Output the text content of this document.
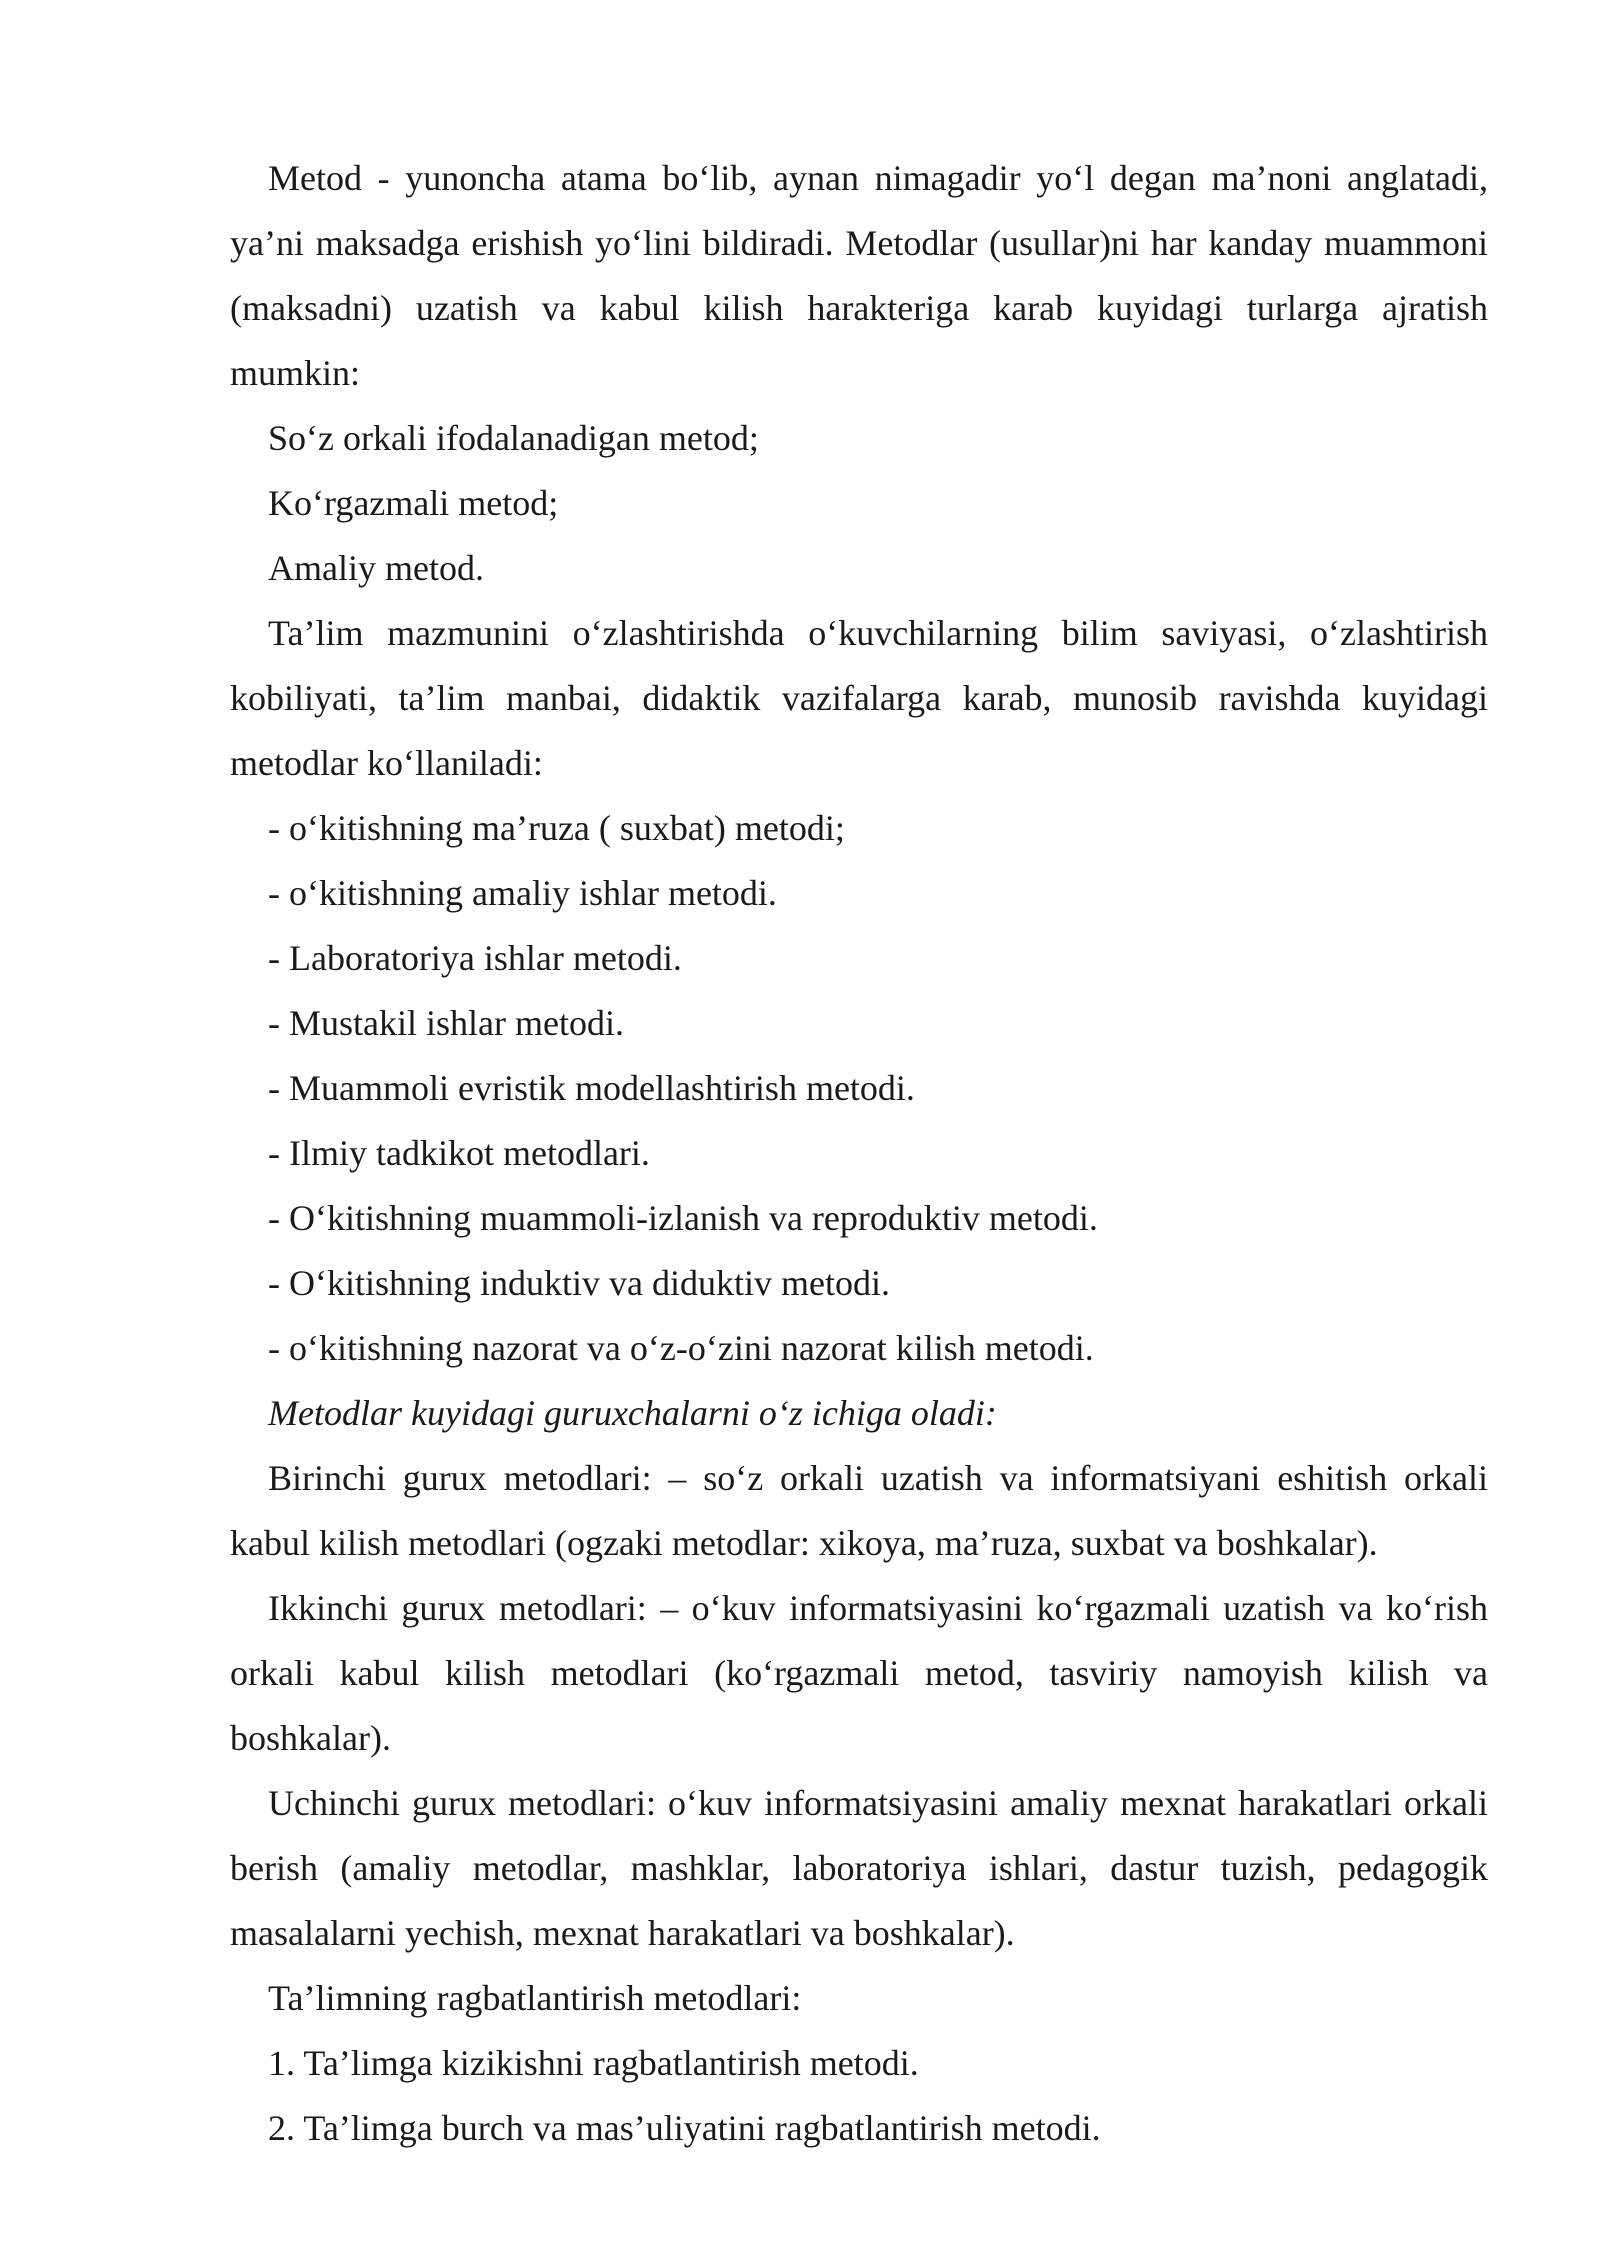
Metod - yunoncha atama bo‘lib, aynan nimagadir yo‘l degan ma’noni anglatadi, ya’ni maksadga erishish yo‘lini bildiradi. Metodlar (usullar)ni har kanday muammoni (maksadni) uzatish va kabul kilish harakteriga karab kuyidagi turlarga ajratish mumkin:

So‘z orkali ifodalanadigan metod;

Ko‘rgazmali metod;

Amaliy metod.

Ta’lim mazmunini o‘zlashtirishda o‘kuvchilarning bilim saviyasi, o‘zlashtirish kobiliyati, ta’lim manbai, didaktik vazifalarga karab, munosib ravishda kuyidagi metodlar ko‘llaniladi:

- o‘kitishning ma’ruza ( suxbat) metodi;

- o‘kitishning amaliy ishlar metodi.

- Laboratoriya ishlar metodi.

- Mustakil ishlar metodi.

- Muammoli evristik modellashtirish metodi.

- Ilmiy tadkikot metodlari.

- O‘kitishning muammoli-izlanish va reproduktiv metodi.

- O‘kitishning induktiv va diduktiv metodi.

- o‘kitishning nazorat va o‘z-o‘zini nazorat kilish metodi.

Metodlar kuyidagi guruxchalarni o‘z ichiga oladi:

Birinchi gurux metodlari: – so‘z orkali uzatish va informatsiyani eshitish orkali kabul kilish metodlari (ogzaki metodlar: xikoya, ma’ruza, suxbat va boshkalar).

Ikkinchi gurux metodlari: – o‘kuv informatsiyasini ko‘rgazmali uzatish va ko‘rish orkali kabul kilish metodlari (ko‘rgazmali metod, tasviriy namoyish kilish va boshkalar).

Uchinchi gurux metodlari: o‘kuv informatsiyasini amaliy mexnat harakatlari orkali berish (amaliy metodlar, mashklar, laboratoriya ishlari, dastur tuzish, pedagogik masalalarni yechish, mexnat harakatlari va boshkalar).

Ta’limning ragbatlantirish metodlari:

1. Ta’limga kizikishni ragbatlantirish metodi.

2. Ta’limga burch va mas’uliyatini ragbatlantirish metodi.
